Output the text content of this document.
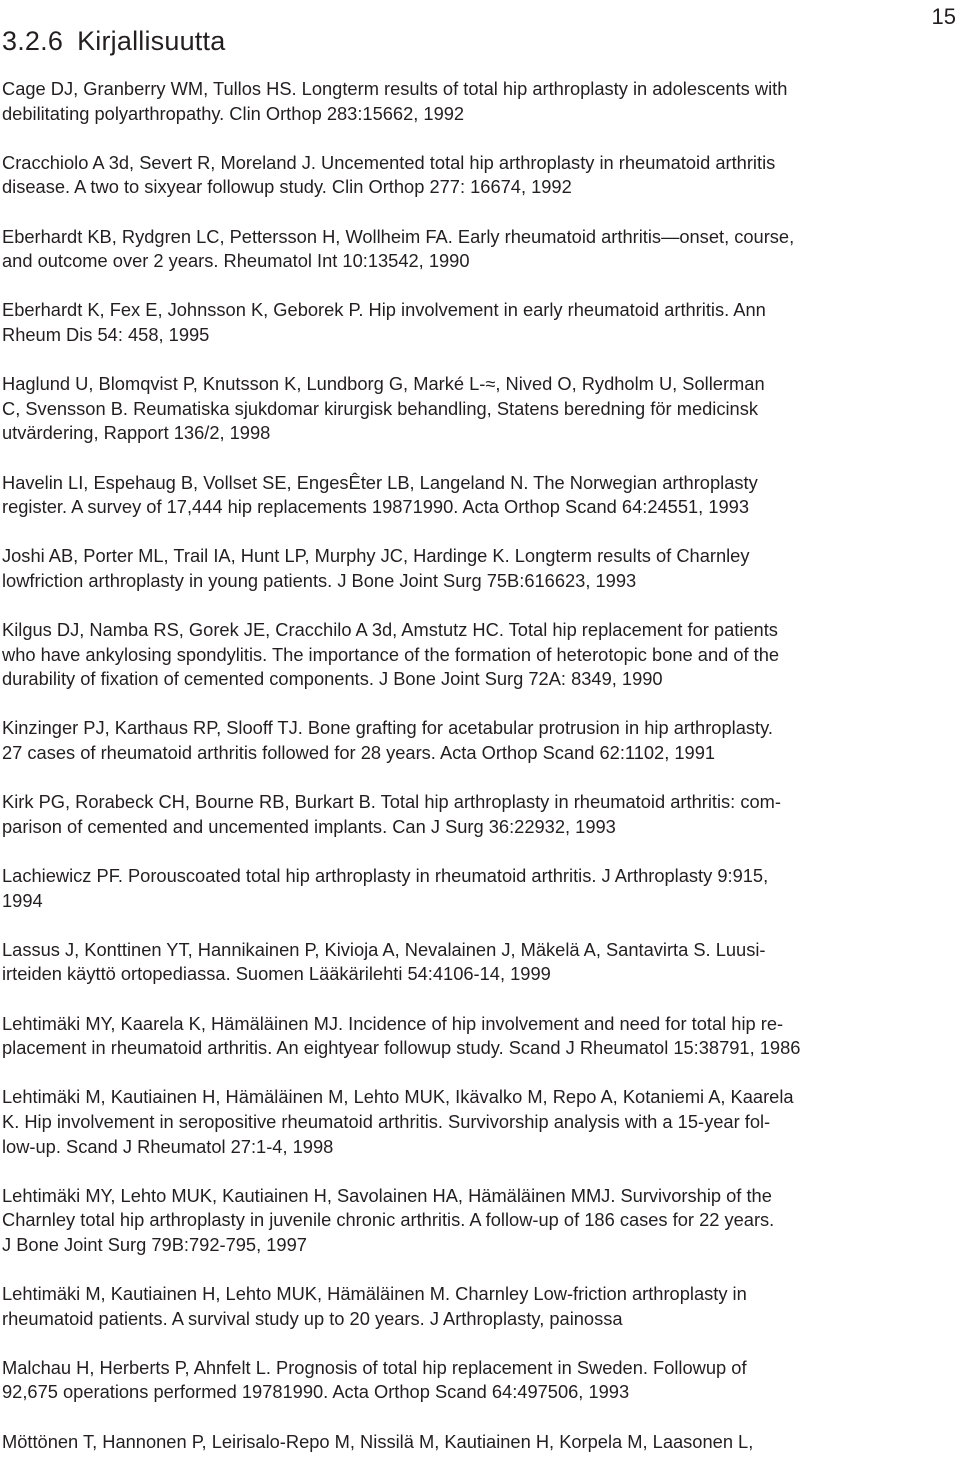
15
3.2.6 Kirjallisuutta
Cage DJ, Granberry WM, Tullos HS. Longterm results of total hip arthroplasty in adolescents with
debilitating polyarthropathy. Clin Orthop 283:15662, 1992
Cracchiolo A 3d, Severt R, Moreland J. Uncemented total hip arthroplasty in rheumatoid arthritis
disease. A two to sixyear followup study. Clin Orthop 277: 16674, 1992
Eberhardt KB, Rydgren LC, Pettersson H, Wollheim FA. Early rheumatoid arthritis—onset, course,
and outcome over 2 years. Rheumatol Int 10:13542, 1990
Eberhardt K, Fex E, Johnsson K, Geborek P. Hip involvement in early rheumatoid arthritis. Ann
Rheum Dis 54: 458, 1995
Haglund U, Blomqvist P, Knutsson K, Lundborg G, Marké L-≈, Nived O, Rydholm U, Sollerman
C, Svensson B. Reumatiska sjukdomar kirurgisk behandling, Statens beredning för medicinsk
utvärdering, Rapport 136/2, 1998
Havelin LI, Espehaug B, Vollset SE, EngesÊter LB, Langeland N. The Norwegian arthroplasty
register. A survey of 17,444 hip replacements 19871990. Acta Orthop Scand 64:24551, 1993
Joshi AB, Porter ML, Trail IA, Hunt LP, Murphy JC, Hardinge K. Longterm results of Charnley
lowfriction arthroplasty in young patients. J Bone Joint Surg 75B:616623, 1993
Kilgus DJ, Namba RS, Gorek JE, Cracchilo A 3d, Amstutz HC. Total hip replacement for patients
who have ankylosing spondylitis. The importance of the formation of heterotopic bone and of the
durability of fixation of cemented components. J Bone Joint Surg 72A: 8349, 1990
Kinzinger PJ, Karthaus RP, Slooff TJ. Bone grafting for acetabular protrusion in hip arthroplasty.
27 cases of rheumatoid arthritis followed for 28 years. Acta Orthop Scand 62:1102, 1991
Kirk PG, Rorabeck CH, Bourne RB, Burkart B. Total hip arthroplasty in rheumatoid arthritis: com-
parison of cemented and uncemented implants. Can J Surg 36:22932, 1993
Lachiewicz PF. Porouscoated total hip arthroplasty in rheumatoid arthritis. J Arthroplasty 9:915,
1994
Lassus J, Konttinen YT, Hannikainen P, Kivioja A, Nevalainen J, Mäkelä A, Santavirta S. Luusi-
irteiden käyttö ortopediassa. Suomen Lääkärilehti 54:4106-14, 1999
Lehtimäki MY, Kaarela K, Hämäläinen MJ. Incidence of hip involvement and need for total hip re-
placement in rheumatoid arthritis. An eightyear followup study. Scand J Rheumatol 15:38791, 1986
Lehtimäki M, Kautiainen H, Hämäläinen M, Lehto MUK, Ikävalko M, Repo A, Kotaniemi A, Kaarela
K. Hip involvement in seropositive rheumatoid arthritis. Survivorship analysis with a 15-year fol-
low-up. Scand J Rheumatol 27:1-4, 1998
Lehtimäki MY, Lehto MUK, Kautiainen H, Savolainen HA, Hämäläinen MMJ. Survivorship of the
Charnley total hip arthroplasty in juvenile chronic arthritis. A follow-up of 186 cases for 22 years.
J Bone Joint Surg 79B:792-795, 1997
Lehtimäki M, Kautiainen H, Lehto MUK, Hämäläinen M. Charnley Low-friction arthroplasty in
rheumatoid patients. A survival study up to 20 years. J Arthroplasty, painossa
Malchau H, Herberts P, Ahnfelt L. Prognosis of total hip replacement in Sweden. Followup of
92,675 operations performed 19781990. Acta Orthop Scand 64:497506, 1993
Möttönen T, Hannonen P, Leirisalo-Repo M, Nissilä M, Kautiainen H, Korpela M, Laasonen L,
